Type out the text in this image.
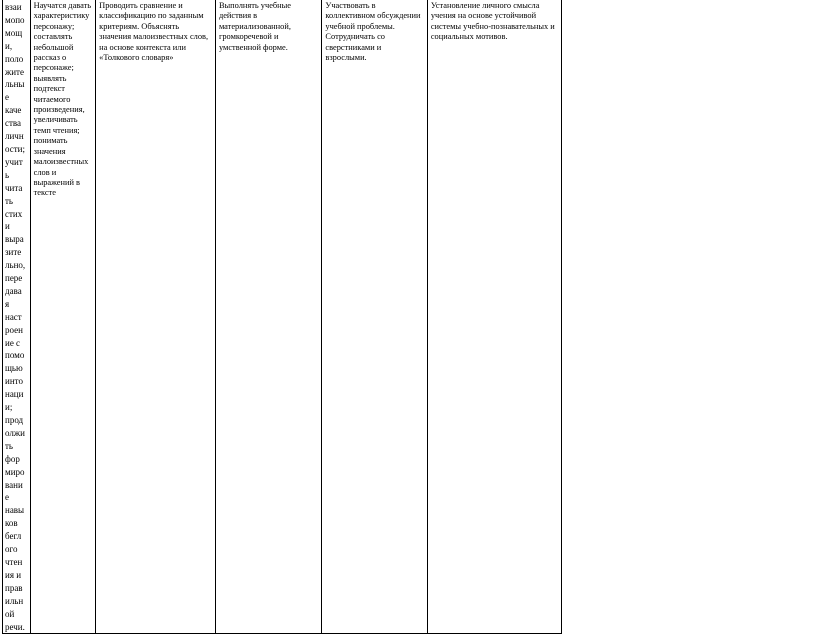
взаи
мопо
мощ
и,
поло
жите
льны
е
каче
ства
личн
ости;
учит
ь
чита
ть
стих
и
выра
зите
льно,
пере
дава
я
наст
роен
ие с
помо
щью
инто
наци
и;
прод
олжи
ть
фор
миро
вани
е
навы
ков
бегл
ого
чтен
ия и
прав
ильн
ой
речи.

Научатся давать характеристику персонажу; составлять небольшой рассказ о персонаже; выявлять подтекст читаемого произведения, увеличивать темп чтения; понимать значения малоизвестных слов и выражений в тексте

Проводить сравнение и классификацию по заданным критериям. Объяснять значения малоизвестных слов, на основе контекста или «Толкового словаря»

Выполнять учебные действия в материализованной, громкоречевой и умственной форме.

Участвовать в коллективном обсуждении учебной проблемы. Сотрудничать со сверстниками и взрослыми.

Установление личного смысла учения на основе устойчивой системы учебно-познавательных и социальных мотивов.
